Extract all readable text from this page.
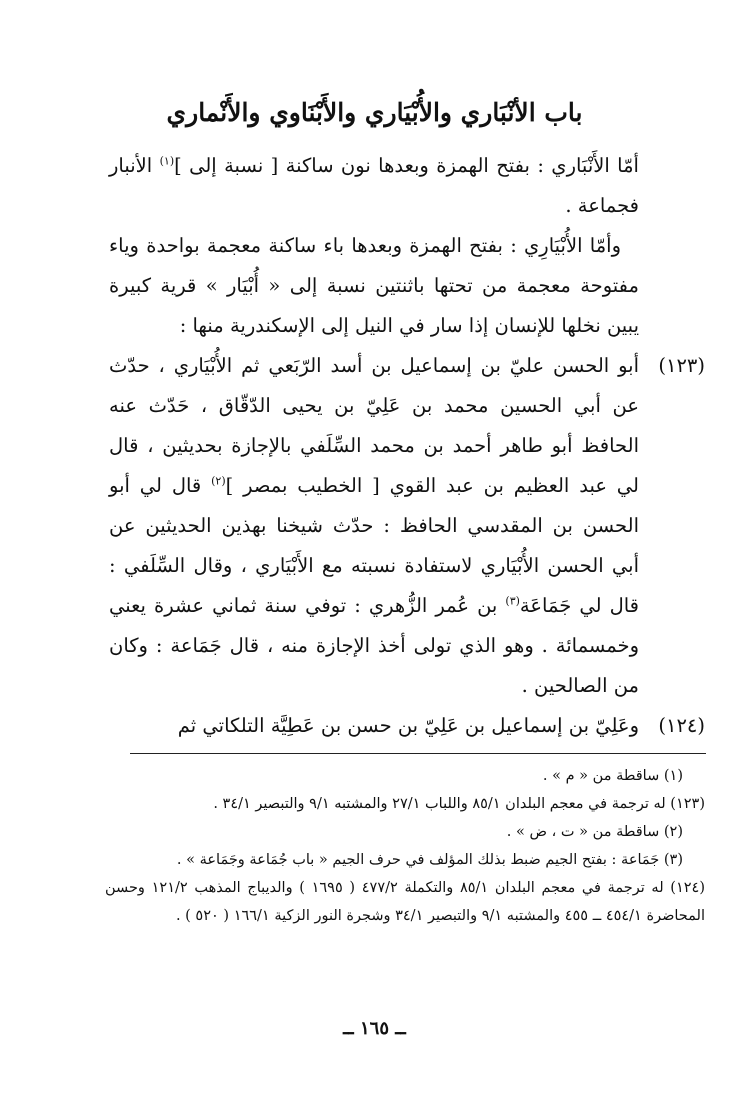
باب الأنْبَاري والأُبْيَاري والأَبْنَاوي والأَنْماري

أمّا الأَنْبَاري : بفتح الهمزة وبعدها نون ساكنة [ نسبة إلى ]$^{(١)}$ الأنبار فجماعة .

وأمّا الأُبْيَارِي : بفتح الهمزة وبعدها باء ساكنة معجمة بواحدة وياء مفتوحة معجمة من تحتها باثنتين نسبة إلى « أُبْيَار » قرية كبيرة يبين نخلها للإنسان إذا سار في النيل إلى الإسكندرية منها :

(١٢٣)
أبو الحسن عليّ بن إسماعيل بن أسد الرّبَعي ثم الأُبْيَاري ، حدّث عن أبي الحسين محمد بن عَلِيّ بن يحيى الدّقّاق ، حَدّث عنه الحافظ أبو طاهر أحمد بن محمد السِّلَفي بالإجازة بحديثين ، قال لي عبد العظيم بن عبد القوي [ الخطيب بمصر ]$^{(٢)}$ قال لي أبو الحسن بن المقدسي الحافظ : حدّث شيخنا بهذين الحديثين عن أبي الحسن الأُبْيَاري لاستفادة نسبته مع الأَبْيَاري ، وقال السِّلَفي : قال لي جَمَاعَة$^{(٣)}$ بن عُمر الزُّهري : توفي سنة ثماني عشرة يعني وخمسمائة . وهو الذي تولى أخذ الإجازة منه ، قال جَمَاعة : وكان من الصالحين .

(١٢٤)
وعَلِيّ بن إسماعيل بن عَلِيّ بن حسن بن عَطِيَّة التلكاتي ثم

(١) ساقطة من « م » .

(١٢٣) له ترجمة في معجم البلدان ٨٥/١ واللباب ٢٧/١ والمشتبه ٩/١ والتبصير ٣٤/١ .

(٢) ساقطة من « ت ، ض » .

(٣) جَمَاعة : بفتح الجيم ضبط بذلك المؤلف في حرف الجيم « باب جُمَاعة وجَمَاعة » .

(١٢٤) له ترجمة في معجم البلدان ٨٥/١ والتكملة ٤٧٧/٢ ( ١٦٩٥ ) والديباج المذهب ١٢١/٢ وحسن المحاضرة ٤٥٤/١ ــ ٤٥٥ والمشتبه ٩/١ والتبصير ٣٤/١ وشجرة النور الزكية ١٦٦/١ ( ٥٢٠ ) .

ــ ١٦٥ ــ
